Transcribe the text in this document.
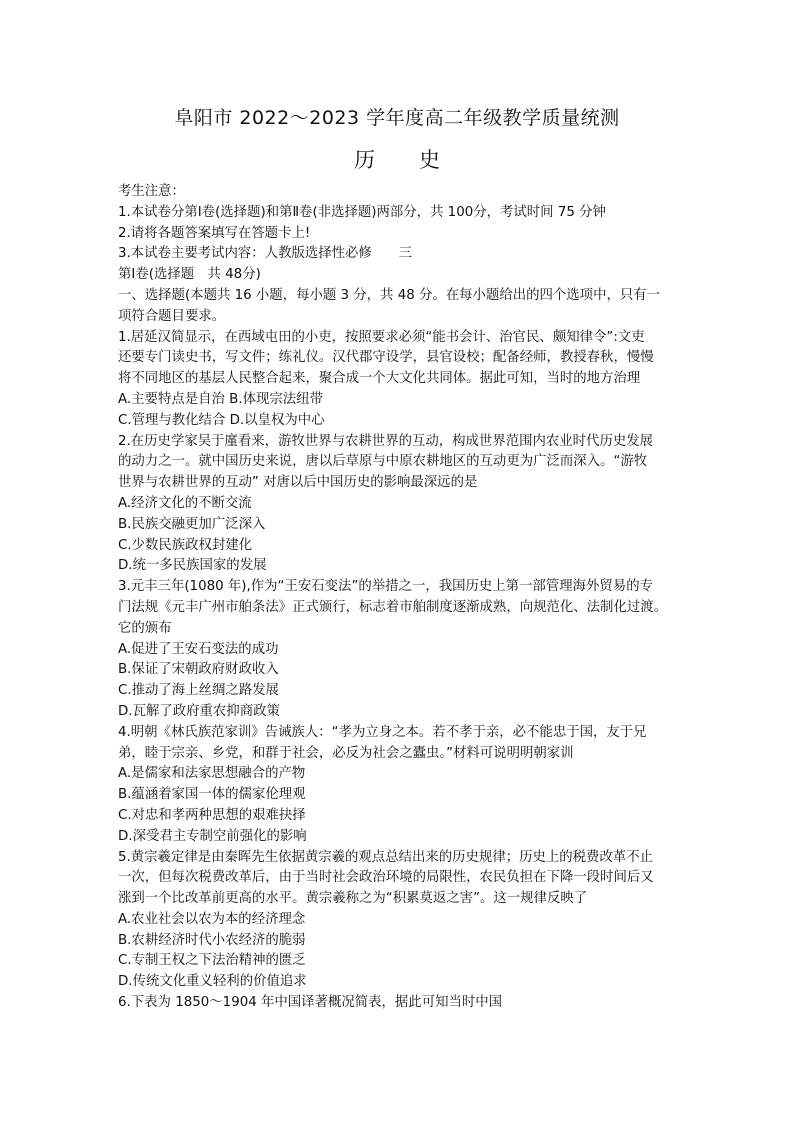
阜阳市 2022～2023 学年度高二年级教学质量统测
历 史
考生注意：
1.本试卷分第Ⅰ卷(选择题)和第Ⅱ卷(非选择题)两部分，共 100分，考试时间 75 分钟
2.请将各题答案填写在答题卡上!
3.本试卷主要考试内容：人教版选择性必修　　三
第Ⅰ卷(选择题　共 48分)
一、选择题(本题共 16 小题，每小题 3 分，共 48 分。在每小题给出的四个选项中，只有一
项符合题目要求。
1.居延汉简显示，在西域屯田的小吏，按照要求必须“能书会计、治官民、颇知律令”:文吏
还要专门读史书，写文件；练礼仪。汉代郡守设学，县官设校；配备经师，教授春秋，慢慢
将不同地区的基层人民整合起来，聚合成一个大文化共同体。据此可知，当时的地方治理
A.主要特点是自治 B.体现宗法纽带
C.管理与教化结合 D.以皇权为中心
2.在历史学家吴于廑看来，游牧世界与农耕世界的互动，构成世界范围内农业时代历史发展
的动力之一。就中国历史来说，唐以后草原与中原农耕地区的互动更为广泛而深入。“游牧
世界与农耕世界的互动” 对唐以后中国历史的影响最深远的是
A.经济文化的不断交流
B.民族交融更加广泛深入
C.少数民族政权封建化
D.统一多民族国家的发展
3.元丰三年(1080 年),作为“王安石变法”的举措之一，我国历史上第一部管理海外贸易的专
门法规《元丰广州市舶条法》正式颁行，标志着市舶制度逐渐成熟，向规范化、法制化过渡。
它的颁布
A.促进了王安石变法的成功
B.保证了宋朝政府财政收入
C.推动了海上丝绸之路发展
D.瓦解了政府重农抑商政策
4.明朝《林氏族范家训》告诫族人：“孝为立身之本。若不孝于亲，必不能忠于国，友于兄
弟，睦于宗亲、乡党，和群于社会，必反为社会之蠹虫。”材料可说明明朝家训
A.是儒家和法家思想融合的产物
B.蕴涵着家国一体的儒家伦理观
C.对忠和孝两种思想的艰难抉择
D.深受君主专制空前强化的影响
5.黄宗羲定律是由秦晖先生依据黄宗羲的观点总结出来的历史规律；历史上的税费改革不止
一次，但每次税费改革后，由于当时社会政治环境的局限性，农民负担在下降一段时间后又
涨到一个比改革前更高的水平。黄宗羲称之为“积累莫返之害”。这一规律反映了
A.农业社会以农为本的经济理念
B.农耕经济时代小农经济的脆弱
C.专制王权之下法治精神的匮乏
D.传统文化重义轻利的价值追求
6.下表为 1850～1904 年中国译著概况简表，据此可知当时中国
